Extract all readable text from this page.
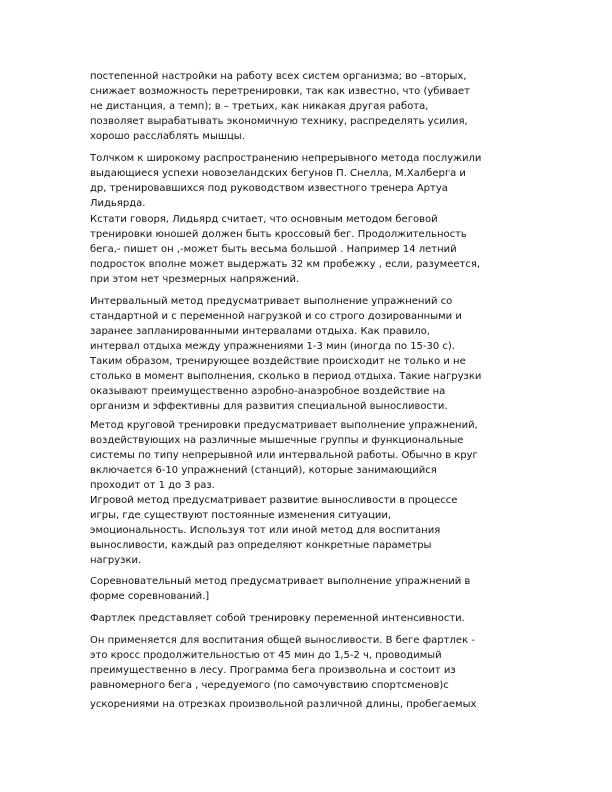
постепенной настройки на работу всех систем организма; во –вторых,
снижает возможность перетренировки, так как известно, что (убивает
не дистанция, а темп); в – третьих, как никакая другая работа,
позволяет вырабатывать экономичную технику, распределять усилия,
хорошо расслаблять мышцы.
Толчком к широкому распространению непрерывного метода послужили
выдающиеся успехи новозеландских бегунов П. Снелла, М.Халберга и
др, тренировавшихся под руководством известного тренера Артуа
Лидьярда.
Кстати говоря, Лидьярд считает, что основным методом беговой
тренировки юношей должен быть кроссовый бег. Продолжительность
бега,- пишет он ,-может быть весьма большой . Например 14 летний
подросток вполне может выдержать 32 км пробежку , если, разумеется,
при этом нет чрезмерных напряжений.
Интервальный метод предусматривает выполнение упражнений со
стандартной и с переменной нагрузкой и со строго дозированными и
заранее запланированными интервалами отдыха. Как правило,
интервал отдыха между упражнениями 1-3 мин (иногда по 15-30 с).
Таким образом, тренирующее воздействие происходит не только и не
столько в момент выполнения, сколько в период отдыха. Такие нагрузки
оказывают преимущественно аэробно-анаэробное воздействие на
организм и эффективны для развития специальной выносливости.
Метод круговой тренировки предусматривает выполнение упражнений,
воздействующих на различные мышечные группы и функциональные
системы по типу непрерывной или интервальной работы. Обычно в круг
включается 6-10 упражнений (станций), которые занимающийся
проходит от 1 до 3 раз.
Игровой метод предусматривает развитие выносливости в процессе
игры, где существуют постоянные изменения ситуации,
эмоциональность. Используя тот или иной метод для воспитания
выносливости, каждый раз определяют конкретные параметры
нагрузки.
Соревновательный метод предусматривает выполнение упражнений в
форме соревнований.]
Фартлек представляет собой тренировку переменной интенсивности.
Он применяется для воспитания общей выносливости. В беге фартлек -
это кросс продолжительностью от 45 мин до 1,5-2 ч, проводимый
преимущественно в лесу. Программа бега произвольна и состоит из
равномерного бега , чередуемого (по самочувствию спортсменов)с
ускорениями на отрезках произвольной различной длины, пробегаемых
